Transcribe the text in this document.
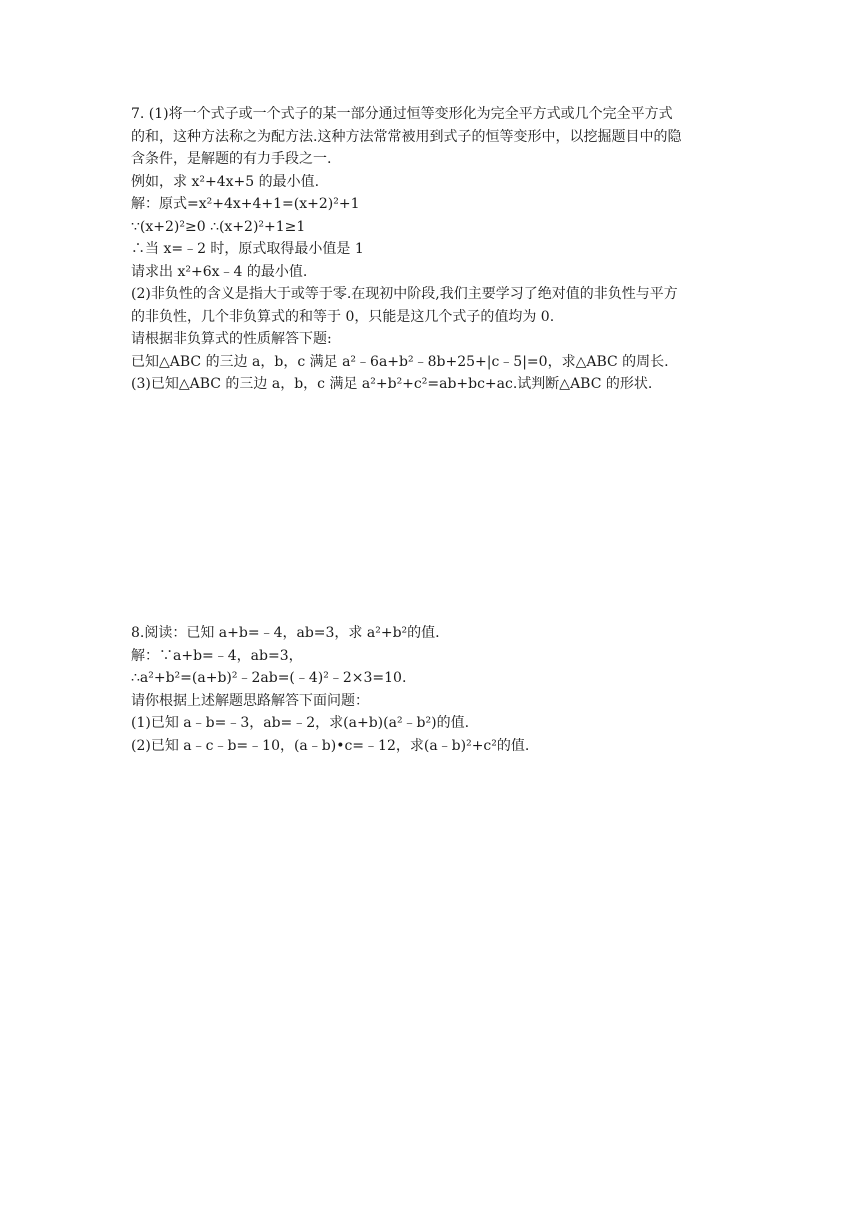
7. (1)将一个式子或一个式子的某一部分通过恒等变形化为完全平方式或几个完全平方式
的和，这种方法称之为配方法.这种方法常常被用到式子的恒等变形中，以挖掘题目中的隐
含条件，是解题的有力手段之一.
例如，求 x²+4x+5 的最小值.
解：原式=x²+4x+4+1=(x+2)²+1
∵(x+2)²≥0 ∴(x+2)²+1≥1
∴当 x=﹣2 时，原式取得最小值是 1
请求出 x²+6x﹣4 的最小值.
(2)非负性的含义是指大于或等于零.在现初中阶段,我们主要学习了绝对值的非负性与平方
的非负性，几个非负算式的和等于 0，只能是这几个式子的值均为 0.
请根据非负算式的性质解答下题:
已知△ABC 的三边 a，b，c 满足 a²﹣6a+b²﹣8b+25+|c﹣5|=0，求△ABC 的周长.
(3)已知△ABC 的三边 a，b，c 满足 a²+b²+c²=ab+bc+ac.试判断△ABC 的形状.
8.阅读：已知 a+b=﹣4，ab=3，求 a²+b²的值.
解：∵a+b=﹣4，ab=3，
∴a²+b²=(a+b)²﹣2ab=(﹣4)²﹣2×3=10.
请你根据上述解题思路解答下面问题：
(1)已知 a﹣b=﹣3，ab=﹣2，求(a+b)(a²﹣b²)的值.
(2)已知 a﹣c﹣b=﹣10，(a﹣b)•c=﹣12，求(a﹣b)²+c²的值.
